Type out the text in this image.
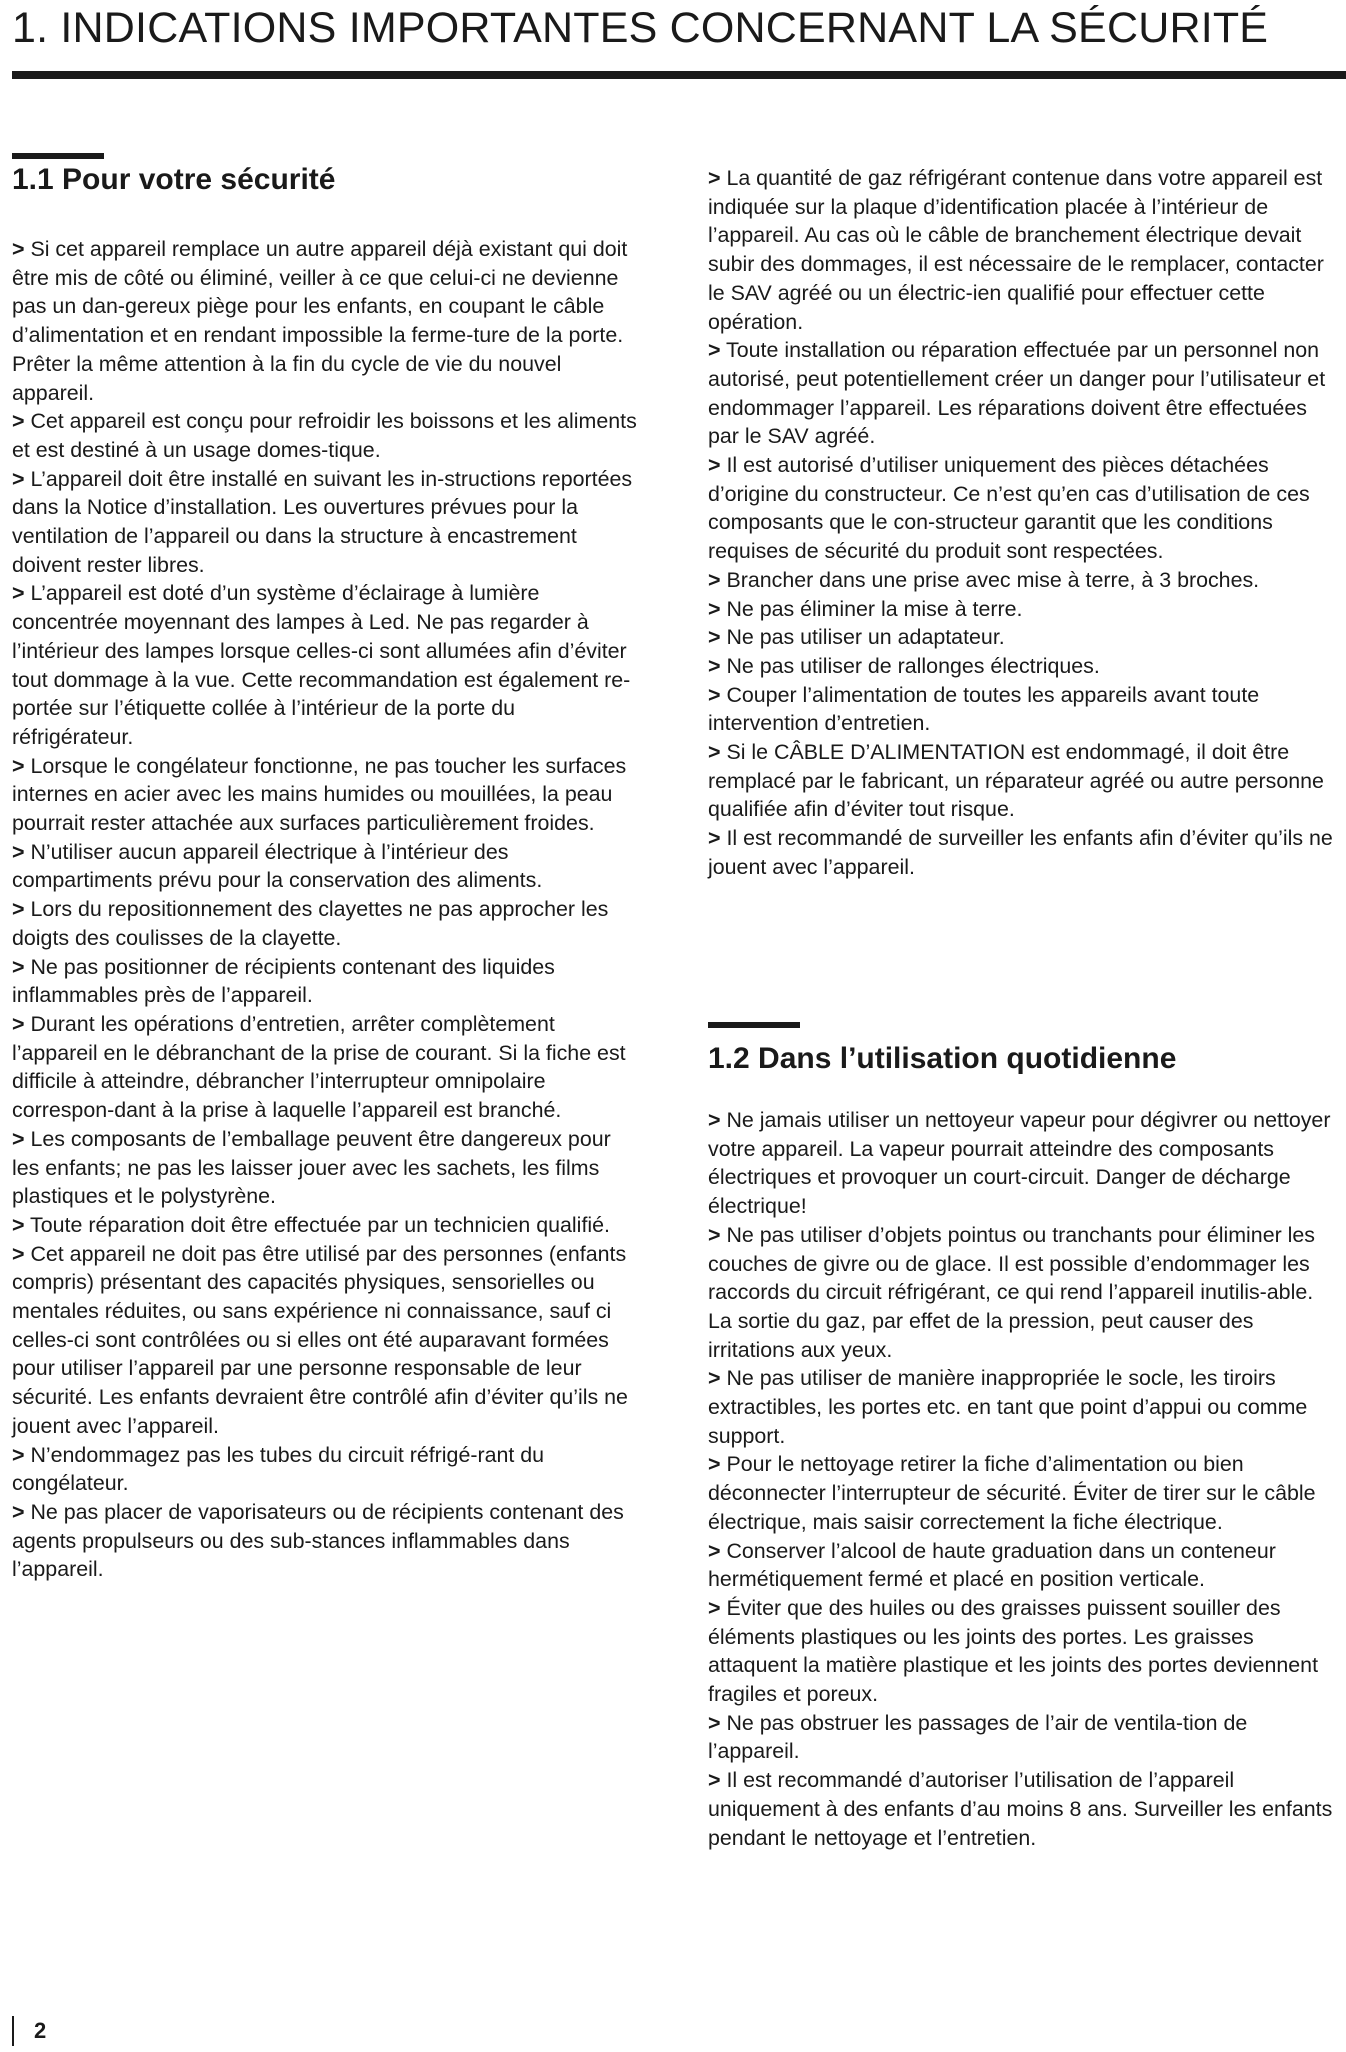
1. INDICATIONS IMPORTANTES CONCERNANT LA SÉCURITÉ
1.1 Pour votre sécurité

> Si cet appareil remplace un autre appareil déjà existant qui doit être mis de côté ou éliminé, veiller à ce que celui-ci ne devienne pas un dan-gereux piège pour les enfants, en coupant le câble d’alimentation et en rendant impossible la ferme-ture de la porte. Prêter la même attention à la fin du cycle de vie du nouvel appareil.

> Cet appareil est conçu pour refroidir les boissons et les aliments et est destiné à un usage domes-tique.

> L’appareil doit être installé en suivant les in-structions reportées dans la Notice d’installation. Les ouvertures prévues pour la ventilation de l’appareil ou dans la structure à encastrement doivent rester libres.

> L’appareil est doté d’un système d’éclairage à lumière concentrée moyennant des lampes à Led. Ne pas regarder à l’intérieur des lampes lorsque celles-ci sont allumées afin d’éviter tout dommage à la vue. Cette recommandation est également re-portée sur l’étiquette collée à l’intérieur de la porte du réfrigérateur.

> Lorsque le congélateur fonctionne, ne pas toucher les surfaces internes en acier avec les mains humides ou mouillées, la peau pourrait rester attachée aux surfaces particulièrement froides.

> N’utiliser aucun appareil électrique à l’intérieur des compartiments prévu pour la conservation des aliments.

> Lors du repositionnement des clayettes ne pas approcher les doigts des coulisses de la clayette.

> Ne pas positionner de récipients contenant des liquides inflammables près de l’appareil.

> Durant les opérations d’entretien, arrêter complètement l’appareil en le débranchant de la prise de courant. Si la fiche est difficile à atteindre, débrancher l’interrupteur omnipolaire correspon-dant à la prise à laquelle l’appareil est branché.

> Les composants de l’emballage peuvent être dangereux pour les enfants; ne pas les laisser jouer avec les sachets, les films plastiques et le polystyrène.

> Toute réparation doit être effectuée par un technicien qualifié.

> Cet appareil ne doit pas être utilisé par des personnes (enfants compris) présentant des capacités physiques, sensorielles ou mentales réduites, ou sans expérience ni connaissance, sauf ci celles-ci sont contrôlées ou si elles ont été auparavant formées pour utiliser l’appareil par une personne responsable de leur sécurité. Les enfants devraient être contrôlé afin d’éviter qu’ils ne jouent avec l’appareil.

> N’endommagez pas les tubes du circuit réfrigé-rant du congélateur.

> Ne pas placer de vaporisateurs ou de récipients contenant des agents propulseurs ou des sub-stances inflammables dans l’appareil.

> La quantité de gaz réfrigérant contenue dans votre appareil est indiquée sur la plaque d’identification placée à l’intérieur de l’appareil. Au cas où le câble de branchement électrique devait subir des dommages, il est nécessaire de le remplacer, contacter le SAV agréé ou un électric-ien qualifié pour effectuer cette opération.

> Toute installation ou réparation effectuée par un personnel non autorisé, peut potentiellement créer un danger pour l’utilisateur et endommager l’appareil. Les réparations doivent être effectuées par le SAV agréé.

> Il est autorisé d’utiliser uniquement des pièces détachées d’origine du constructeur. Ce n’est qu’en cas d’utilisation de ces composants que le con-structeur garantit que les conditions requises de sécurité du produit sont respectées.

> Brancher dans une prise avec mise à terre, à 3 broches.

> Ne pas éliminer la mise à terre.

> Ne pas utiliser un adaptateur.

> Ne pas utiliser de rallonges électriques.

> Couper l’alimentation de toutes les appareils avant toute intervention d’entretien.

> Si le CÂBLE D’ALIMENTATION est endommagé, il doit être remplacé par le fabricant, un réparateur agréé ou autre personne qualifiée afin d’éviter tout risque.

> Il est recommandé de surveiller les enfants afin d’éviter qu’ils ne jouent avec l’appareil.

1.2 Dans l’utilisation quotidienne

> Ne jamais utiliser un nettoyeur vapeur pour dégivrer ou nettoyer votre appareil. La vapeur pourrait atteindre des composants électriques et provoquer un court-circuit. Danger de décharge électrique!

> Ne pas utiliser d’objets pointus ou tranchants pour éliminer les couches de givre ou de glace. Il est possible d’endommager les raccords du circuit réfrigérant, ce qui rend l’appareil inutilis-able. La sortie du gaz, par effet de la pression, peut causer des irritations aux yeux.

> Ne pas utiliser de manière inappropriée le socle, les tiroirs extractibles, les portes etc. en tant que point d’appui ou comme support.

> Pour le nettoyage retirer la fiche d’alimentation ou bien déconnecter l’interrupteur de sécurité. Éviter de tirer sur le câble électrique, mais saisir correctement la fiche électrique.

> Conserver l’alcool de haute graduation dans un conteneur hermétiquement fermé et placé en position verticale.

> Éviter que des huiles ou des graisses puissent souiller des éléments plastiques ou les joints des portes. Les graisses attaquent la matière plastique et les joints des portes deviennent fragiles et poreux.

> Ne pas obstruer les passages de l’air de ventila-tion de l’appareil.

> Il est recommandé d’autoriser l’utilisation de l’appareil uniquement à des enfants d’au moins 8 ans. Surveiller les enfants pendant le nettoyage et l’entretien.

2
